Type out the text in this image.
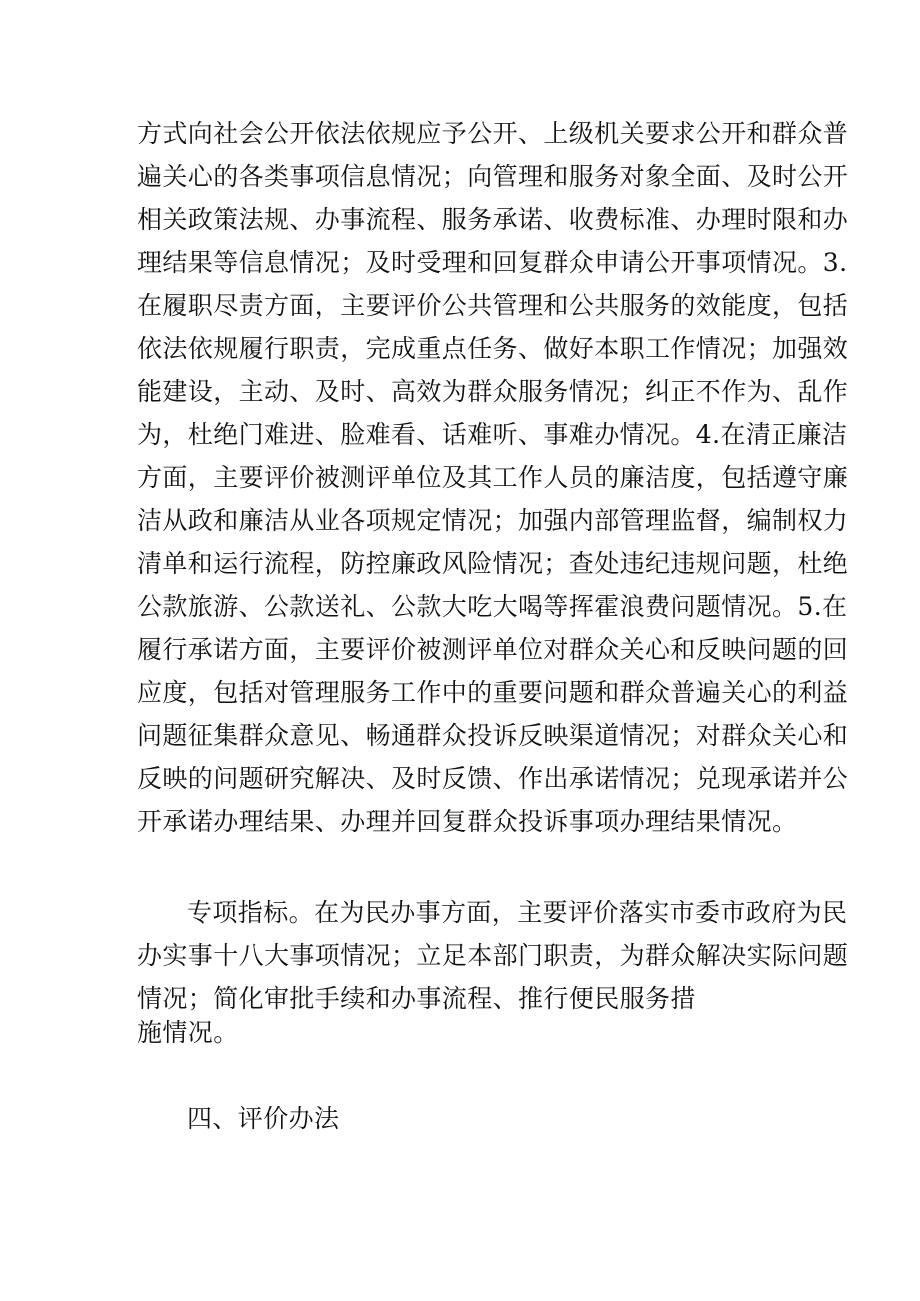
方式向社会公开依法依规应予公开、上级机关要求公开和群众普
遍关心的各类事项信息情况；向管理和服务对象全面、及时公开
相关政策法规、办事流程、服务承诺、收费标准、办理时限和办
理结果等信息情况；及时受理和回复群众申请公开事项情况。3.
在履职尽责方面，主要评价公共管理和公共服务的效能度，包括
依法依规履行职责，完成重点任务、做好本职工作情况；加强效
能建设，主动、及时、高效为群众服务情况；纠正不作为、乱作
为，杜绝门难进、脸难看、话难听、事难办情况。4.在清正廉洁
方面，主要评价被测评单位及其工作人员的廉洁度，包括遵守廉
洁从政和廉洁从业各项规定情况；加强内部管理监督，编制权力
清单和运行流程，防控廉政风险情况；查处违纪违规问题，杜绝
公款旅游、公款送礼、公款大吃大喝等挥霍浪费问题情况。5.在
履行承诺方面，主要评价被测评单位对群众关心和反映问题的回
应度，包括对管理服务工作中的重要问题和群众普遍关心的利益
问题征集群众意见、畅通群众投诉反映渠道情况；对群众关心和
反映的问题研究解决、及时反馈、作出承诺情况；兑现承诺并公
开承诺办理结果、办理并回复群众投诉事项办理结果情况。
专项指标。在为民办事方面，主要评价落实市委市政府为民
办实事十八大事项情况；立足本部门职责，为群众解决实际问题
情况；简化审批手续和办事流程、推行便民服务措
施情况。
四、评价办法
